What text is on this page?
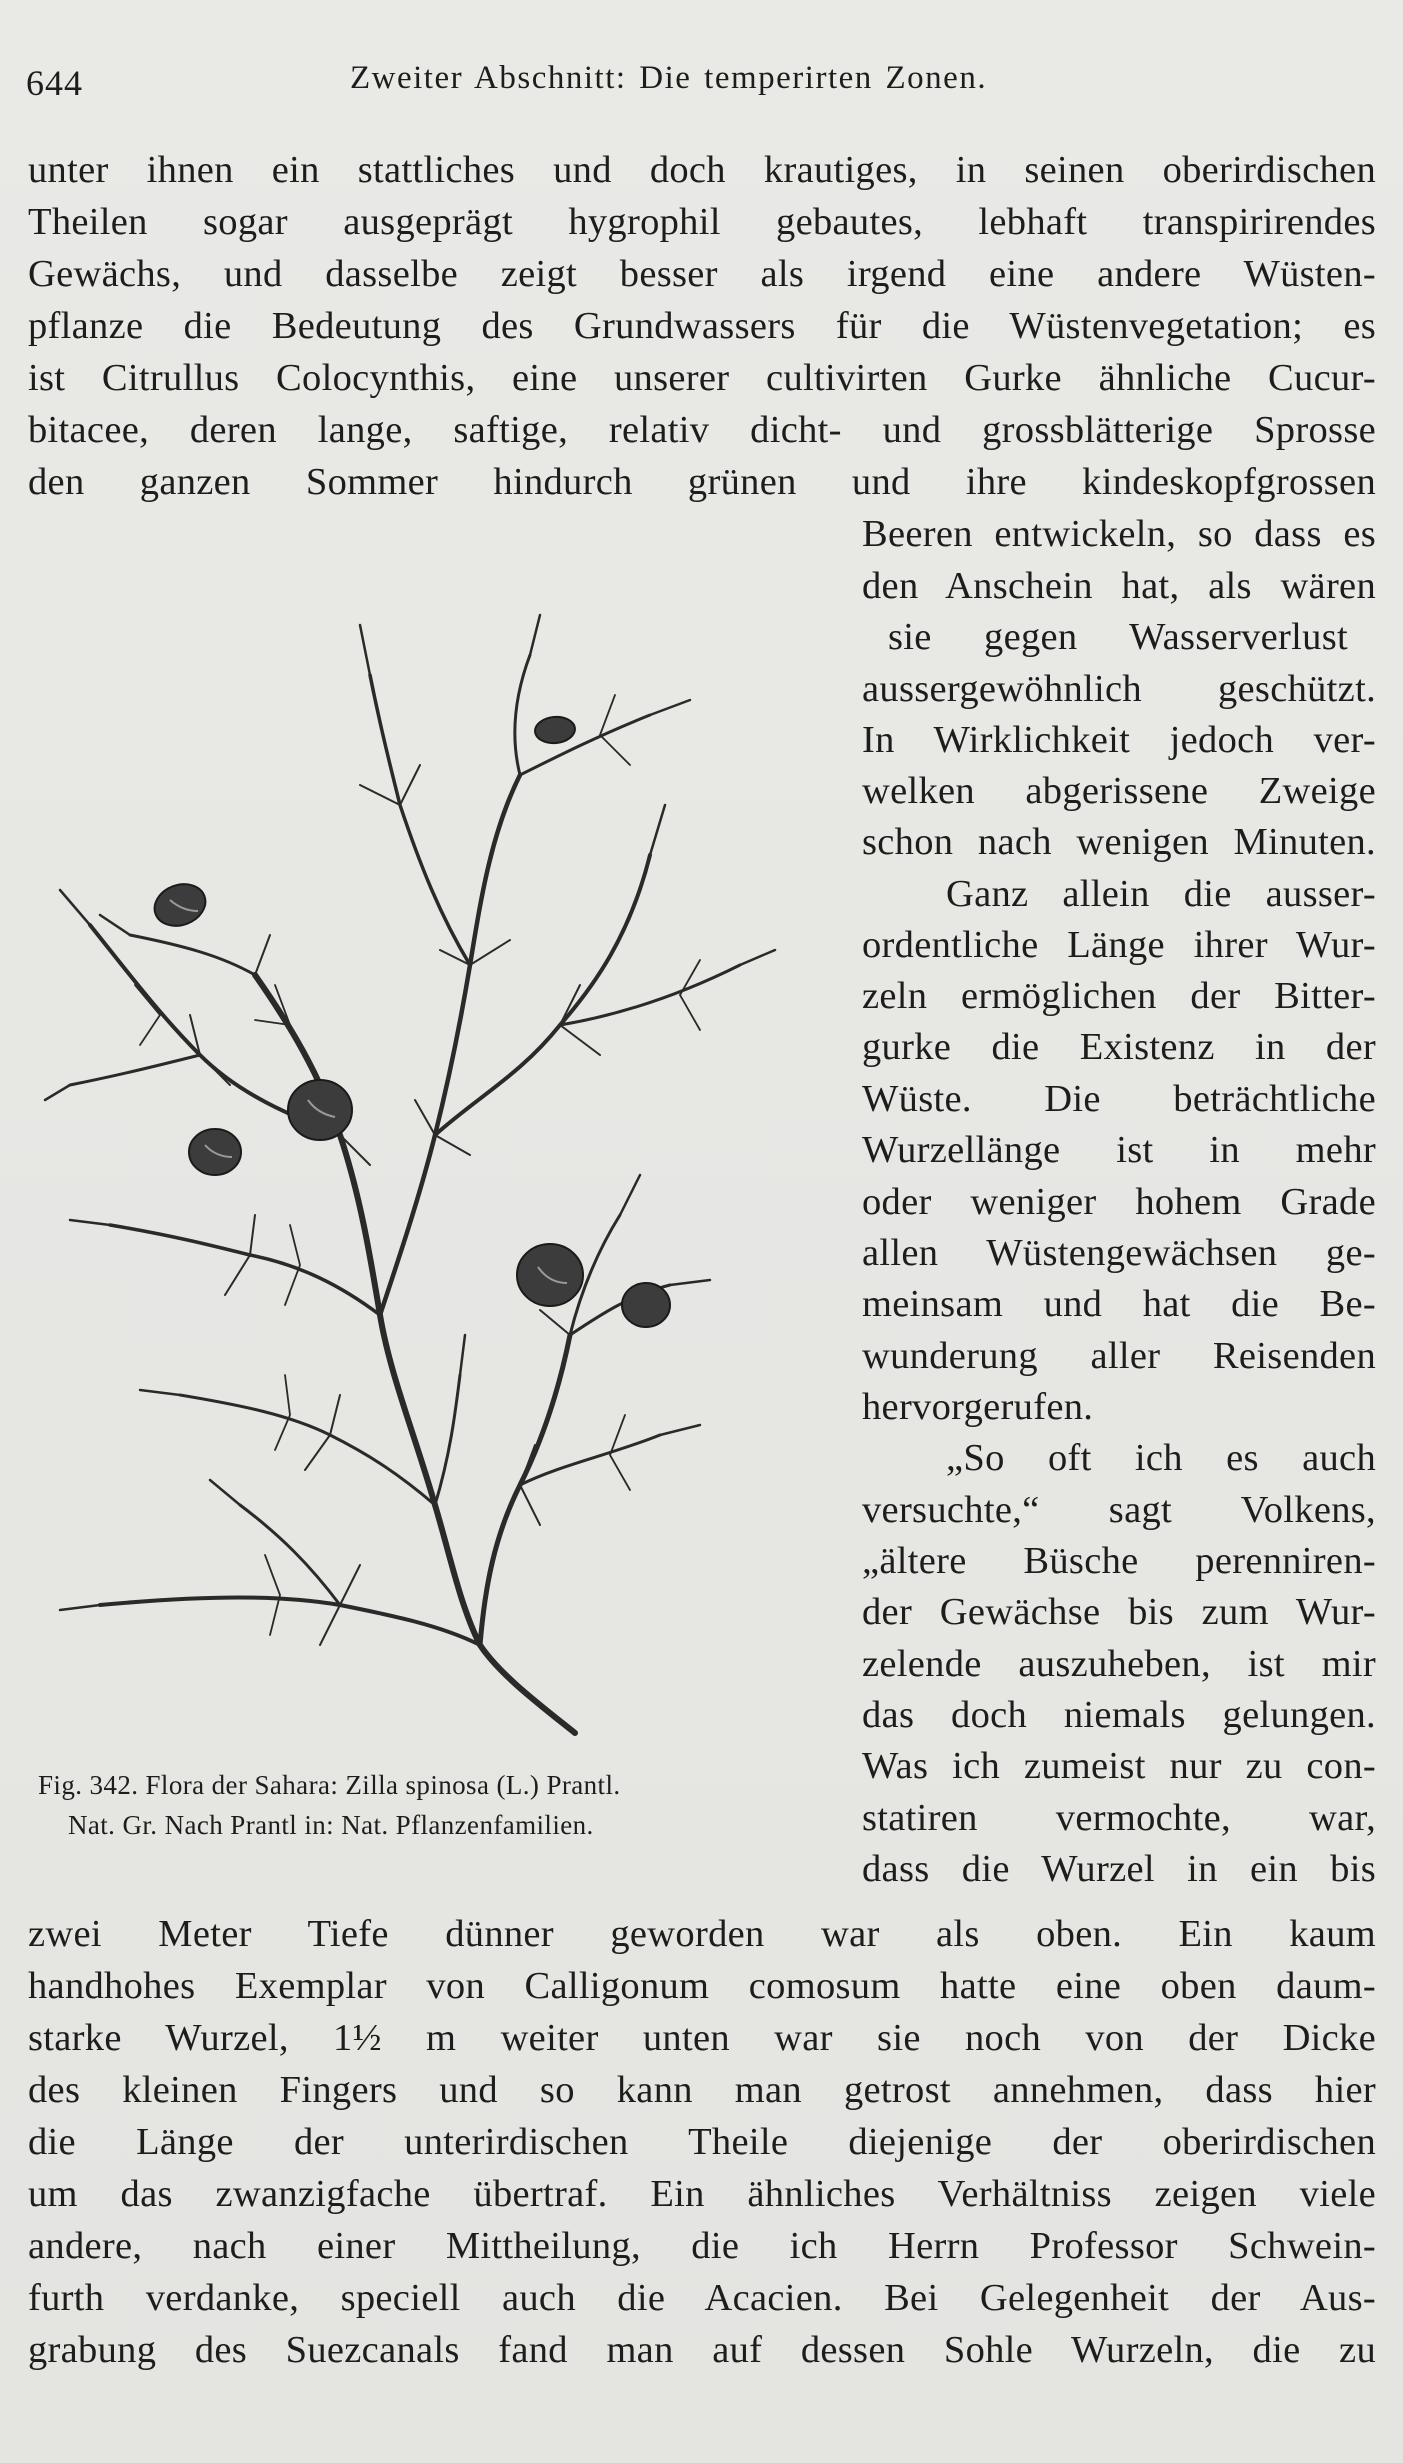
644	Zweiter Abschnitt: Die temperirten Zonen.
unter ihnen ein stattliches und doch krautiges, in seinen oberirdischen
Theilen sogar ausgeprägt hygrophil gebautes, lebhaft transpirirendes
Gewächs, und dasselbe zeigt besser als irgend eine andere Wüsten-
pflanze die Bedeutung des Grundwassers für die Wüstenvegetation; es
ist Citrullus Colocynthis, eine unserer cultivirten Gurke ähnliche Cucur-
bitacee, deren lange, saftige, relativ dicht- und grossblätterige Sprosse
den ganzen Sommer hindurch grünen und ihre kindeskopfgrossen
Beeren entwickeln, so dass es
den Anschein hat, als wären
sie gegen Wasserverlust
aussergewöhnlich geschützt.
In Wirklichkeit jedoch ver-
welken abgerissene Zweige
schon nach wenigen Minuten.
Ganz allein die ausser-
ordentliche Länge ihrer Wur-
zeln ermöglichen der Bitter-
gurke die Existenz in der
Wüste. Die beträchtliche
Wurzellänge ist in mehr
oder weniger hohem Grade
allen Wüstengewächsen ge-
meinsam und hat die Be-
wunderung aller Reisenden
hervorgerufen.
„So oft ich es auch
versuchte,“ sagt Volkens,
„ältere Büsche perenniren-
der Gewächse bis zum Wur-
zelende auszuheben, ist mir
das doch niemals gelungen.
Was ich zumeist nur zu con-
statiren vermochte, war,
dass die Wurzel in ein bis
Fig. 342. Flora der Sahara: Zilla spinosa (L.) Prantl.
Nat. Gr. Nach Prantl in: Nat. Pflanzenfamilien.
zwei Meter Tiefe dünner geworden war als oben. Ein kaum
handhohes Exemplar von Calligonum comosum hatte eine oben daum-
starke Wurzel, 1½ m weiter unten war sie noch von der Dicke
des kleinen Fingers und so kann man getrost annehmen, dass hier
die Länge der unterirdischen Theile diejenige der oberirdischen
um das zwanzigfache übertraf. Ein ähnliches Verhältniss zeigen viele
andere, nach einer Mittheilung, die ich Herrn Professor Schwein-
furth verdanke, speciell auch die Acacien. Bei Gelegenheit der Aus-
grabung des Suezcanals fand man auf dessen Sohle Wurzeln, die zu
